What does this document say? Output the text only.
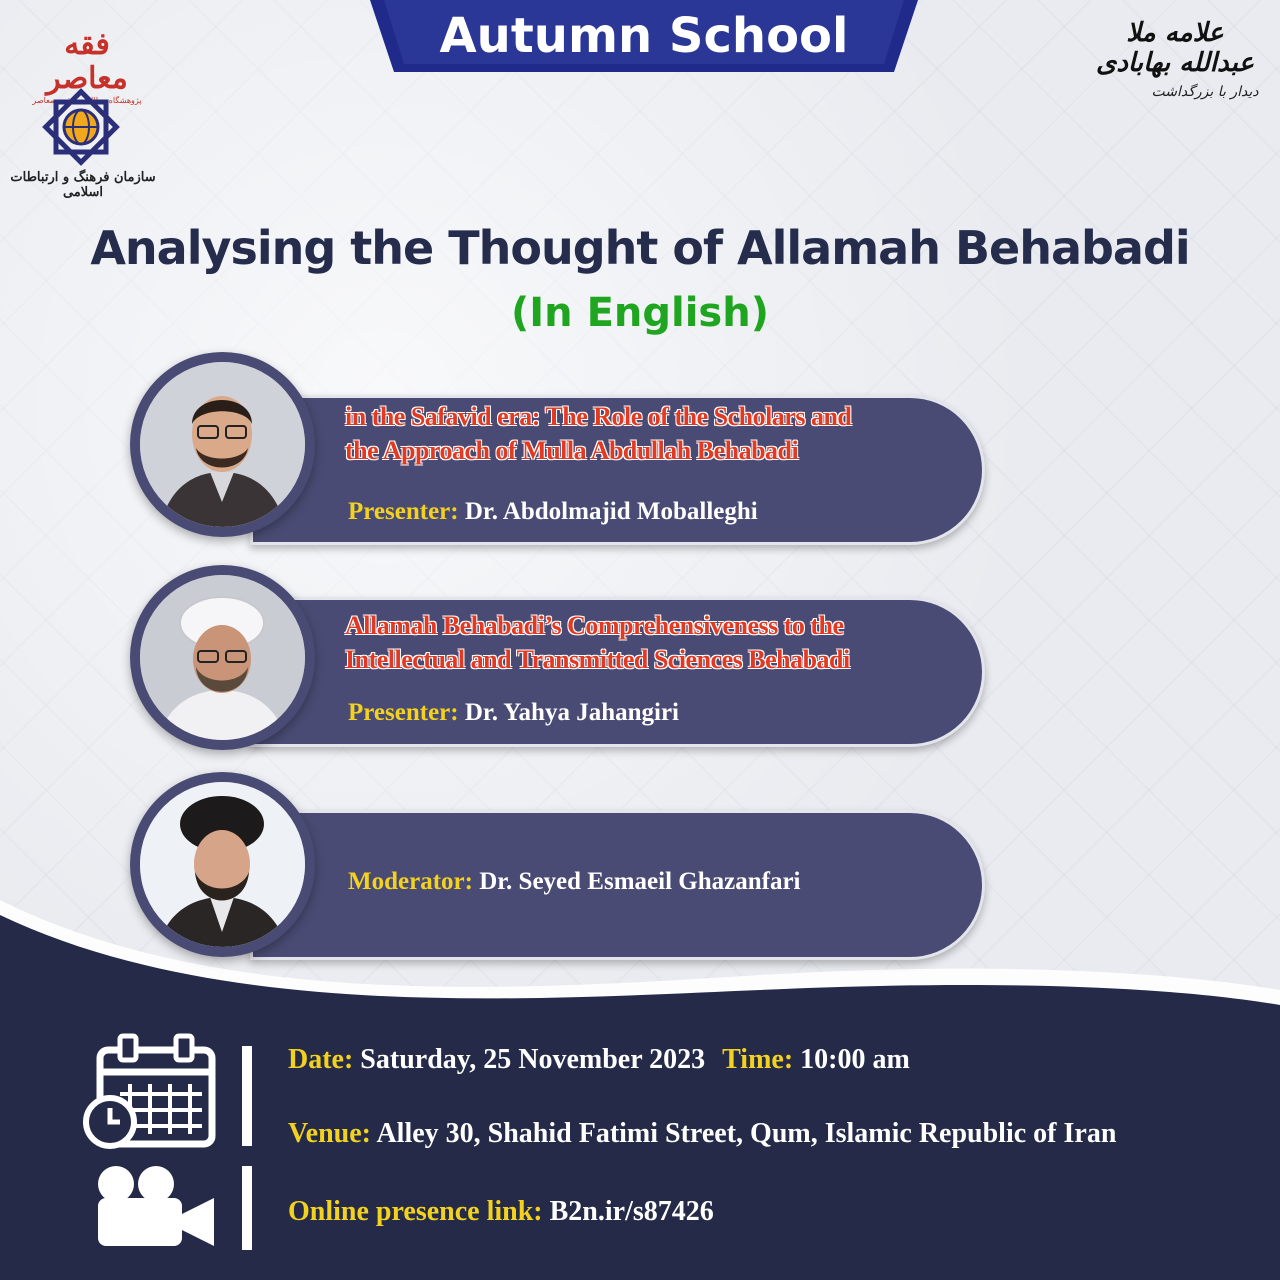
Autumn School
فقه معاصر
پژوهشگاه مطالعات فقهی معاصر
سازمان فرهنگ و ارتباطات اسلامی
علامه ملا عبدالله بهابادی
دیدار با بزرگداشت
Analysing the Thought of Allamah Behabadi
(In English)
in the Safavid era: The Role of the Scholars and
the Approach of Mulla Abdullah Behabadi
Presenter: Dr. Abdolmajid Moballeghi
Allamah Behabadi’s Comprehensiveness to the
Intellectual and Transmitted Sciences Behabadi
Presenter: Dr. Yahya Jahangiri
Moderator: Dr. Seyed Esmaeil Ghazanfari
Date: Saturday, 25 November 2023 Time: 10:00 am
Venue: Alley 30, Shahid Fatimi Street, Qum, Islamic Republic of Iran
Online presence link: B2n.ir/s87426
